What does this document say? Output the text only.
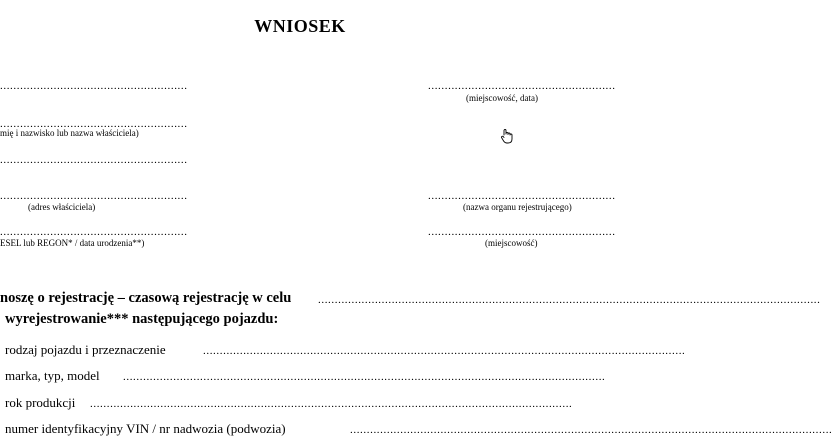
WNIOSEK
........................................................
........................................................
mię i nazwisko lub nazwa właściciela)
........................................................
........................................................
(adres właściciela)
........................................................
ESEL lub REGON* / data urodzenia**)
........................................................
(miejscowość, data)
........................................................
(nazwa organu rejestrującego)
........................................................
(miejscowość)
noszę o rejestrację – czasową rejestrację w celu ......................................................................................................................................................
wyrejestrowanie*** następującego pojazdu:
rodzaj pojazdu i przeznaczenie	................................................................................................................................................
marka, typ, model ................................................................................................................................................
rok produkcji ................................................................................................................................................
numer identyfikacyjny VIN / nr nadwozia (podwozia)	................................................................................................................................................
